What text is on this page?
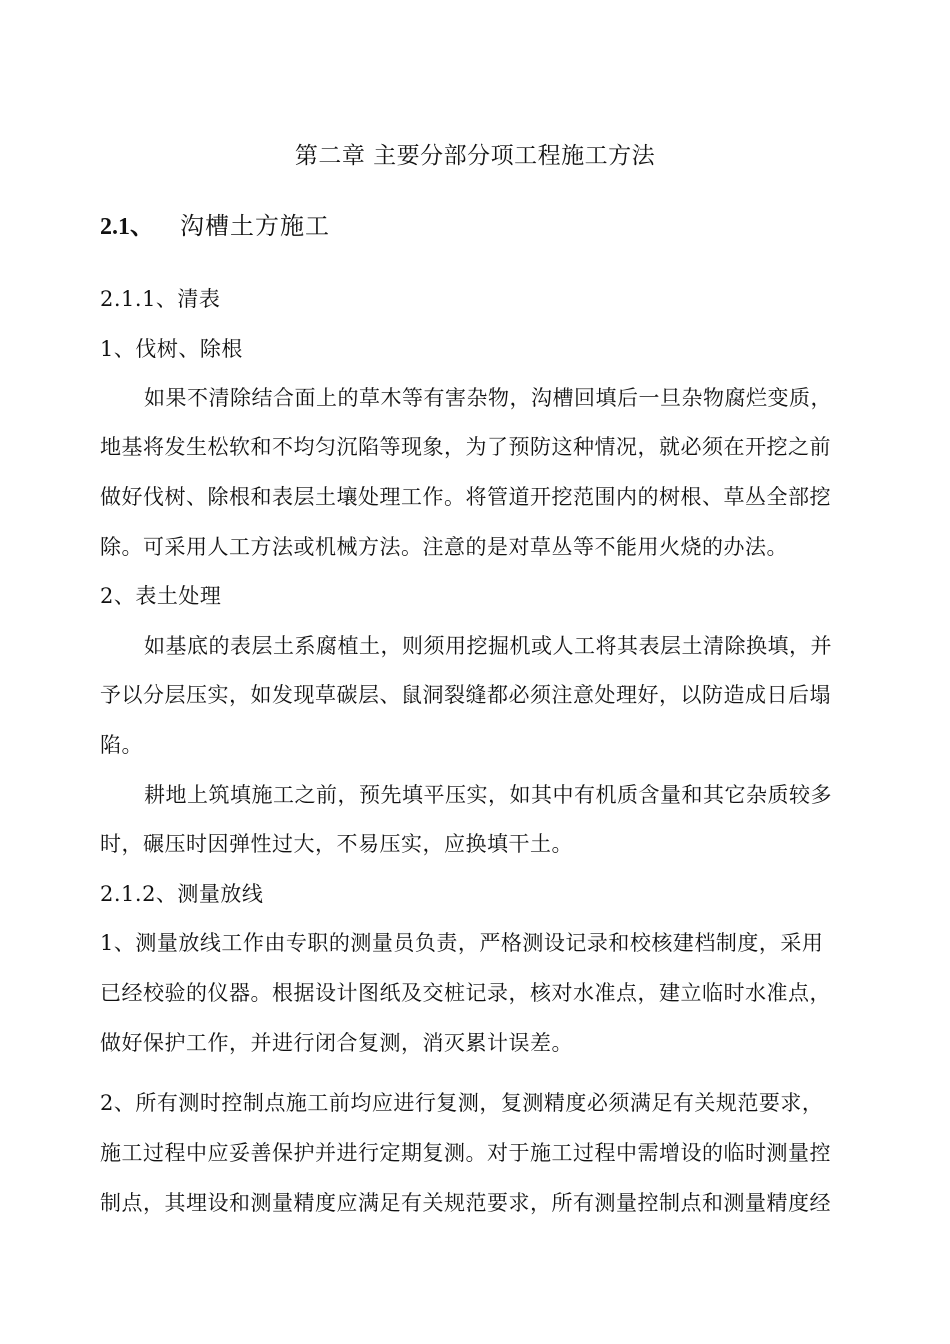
第二章 主要分部分项工程施工方法
2.1、 沟槽土方施工
2.1.1、清表
1、伐树、除根
如果不清除结合面上的草木等有害杂物，沟槽回填后一旦杂物腐烂变质，
地基将发生松软和不均匀沉陷等现象，为了预防这种情况，就必须在开挖之前
做好伐树、除根和表层土壤处理工作。将管道开挖范围内的树根、草丛全部挖
除。可采用人工方法或机械方法。注意的是对草丛等不能用火烧的办法。
2、表土处理
如基底的表层土系腐植土，则须用挖掘机或人工将其表层土清除换填，并
予以分层压实，如发现草碳层、鼠洞裂缝都必须注意处理好，以防造成日后塌
陷。
耕地上筑填施工之前，预先填平压实，如其中有机质含量和其它杂质较多
时，碾压时因弹性过大，不易压实，应换填干土。
2.1.2、测量放线
1、测量放线工作由专职的测量员负责，严格测设记录和校核建档制度，采用
已经校验的仪器。根据设计图纸及交桩记录，核对水准点，建立临时水准点，
做好保护工作，并进行闭合复测，消灭累计误差。
2、所有测时控制点施工前均应进行复测，复测精度必须满足有关规范要求，
施工过程中应妥善保护并进行定期复测。对于施工过程中需增设的临时测量控
制点，其埋设和测量精度应满足有关规范要求，所有测量控制点和测量精度经
